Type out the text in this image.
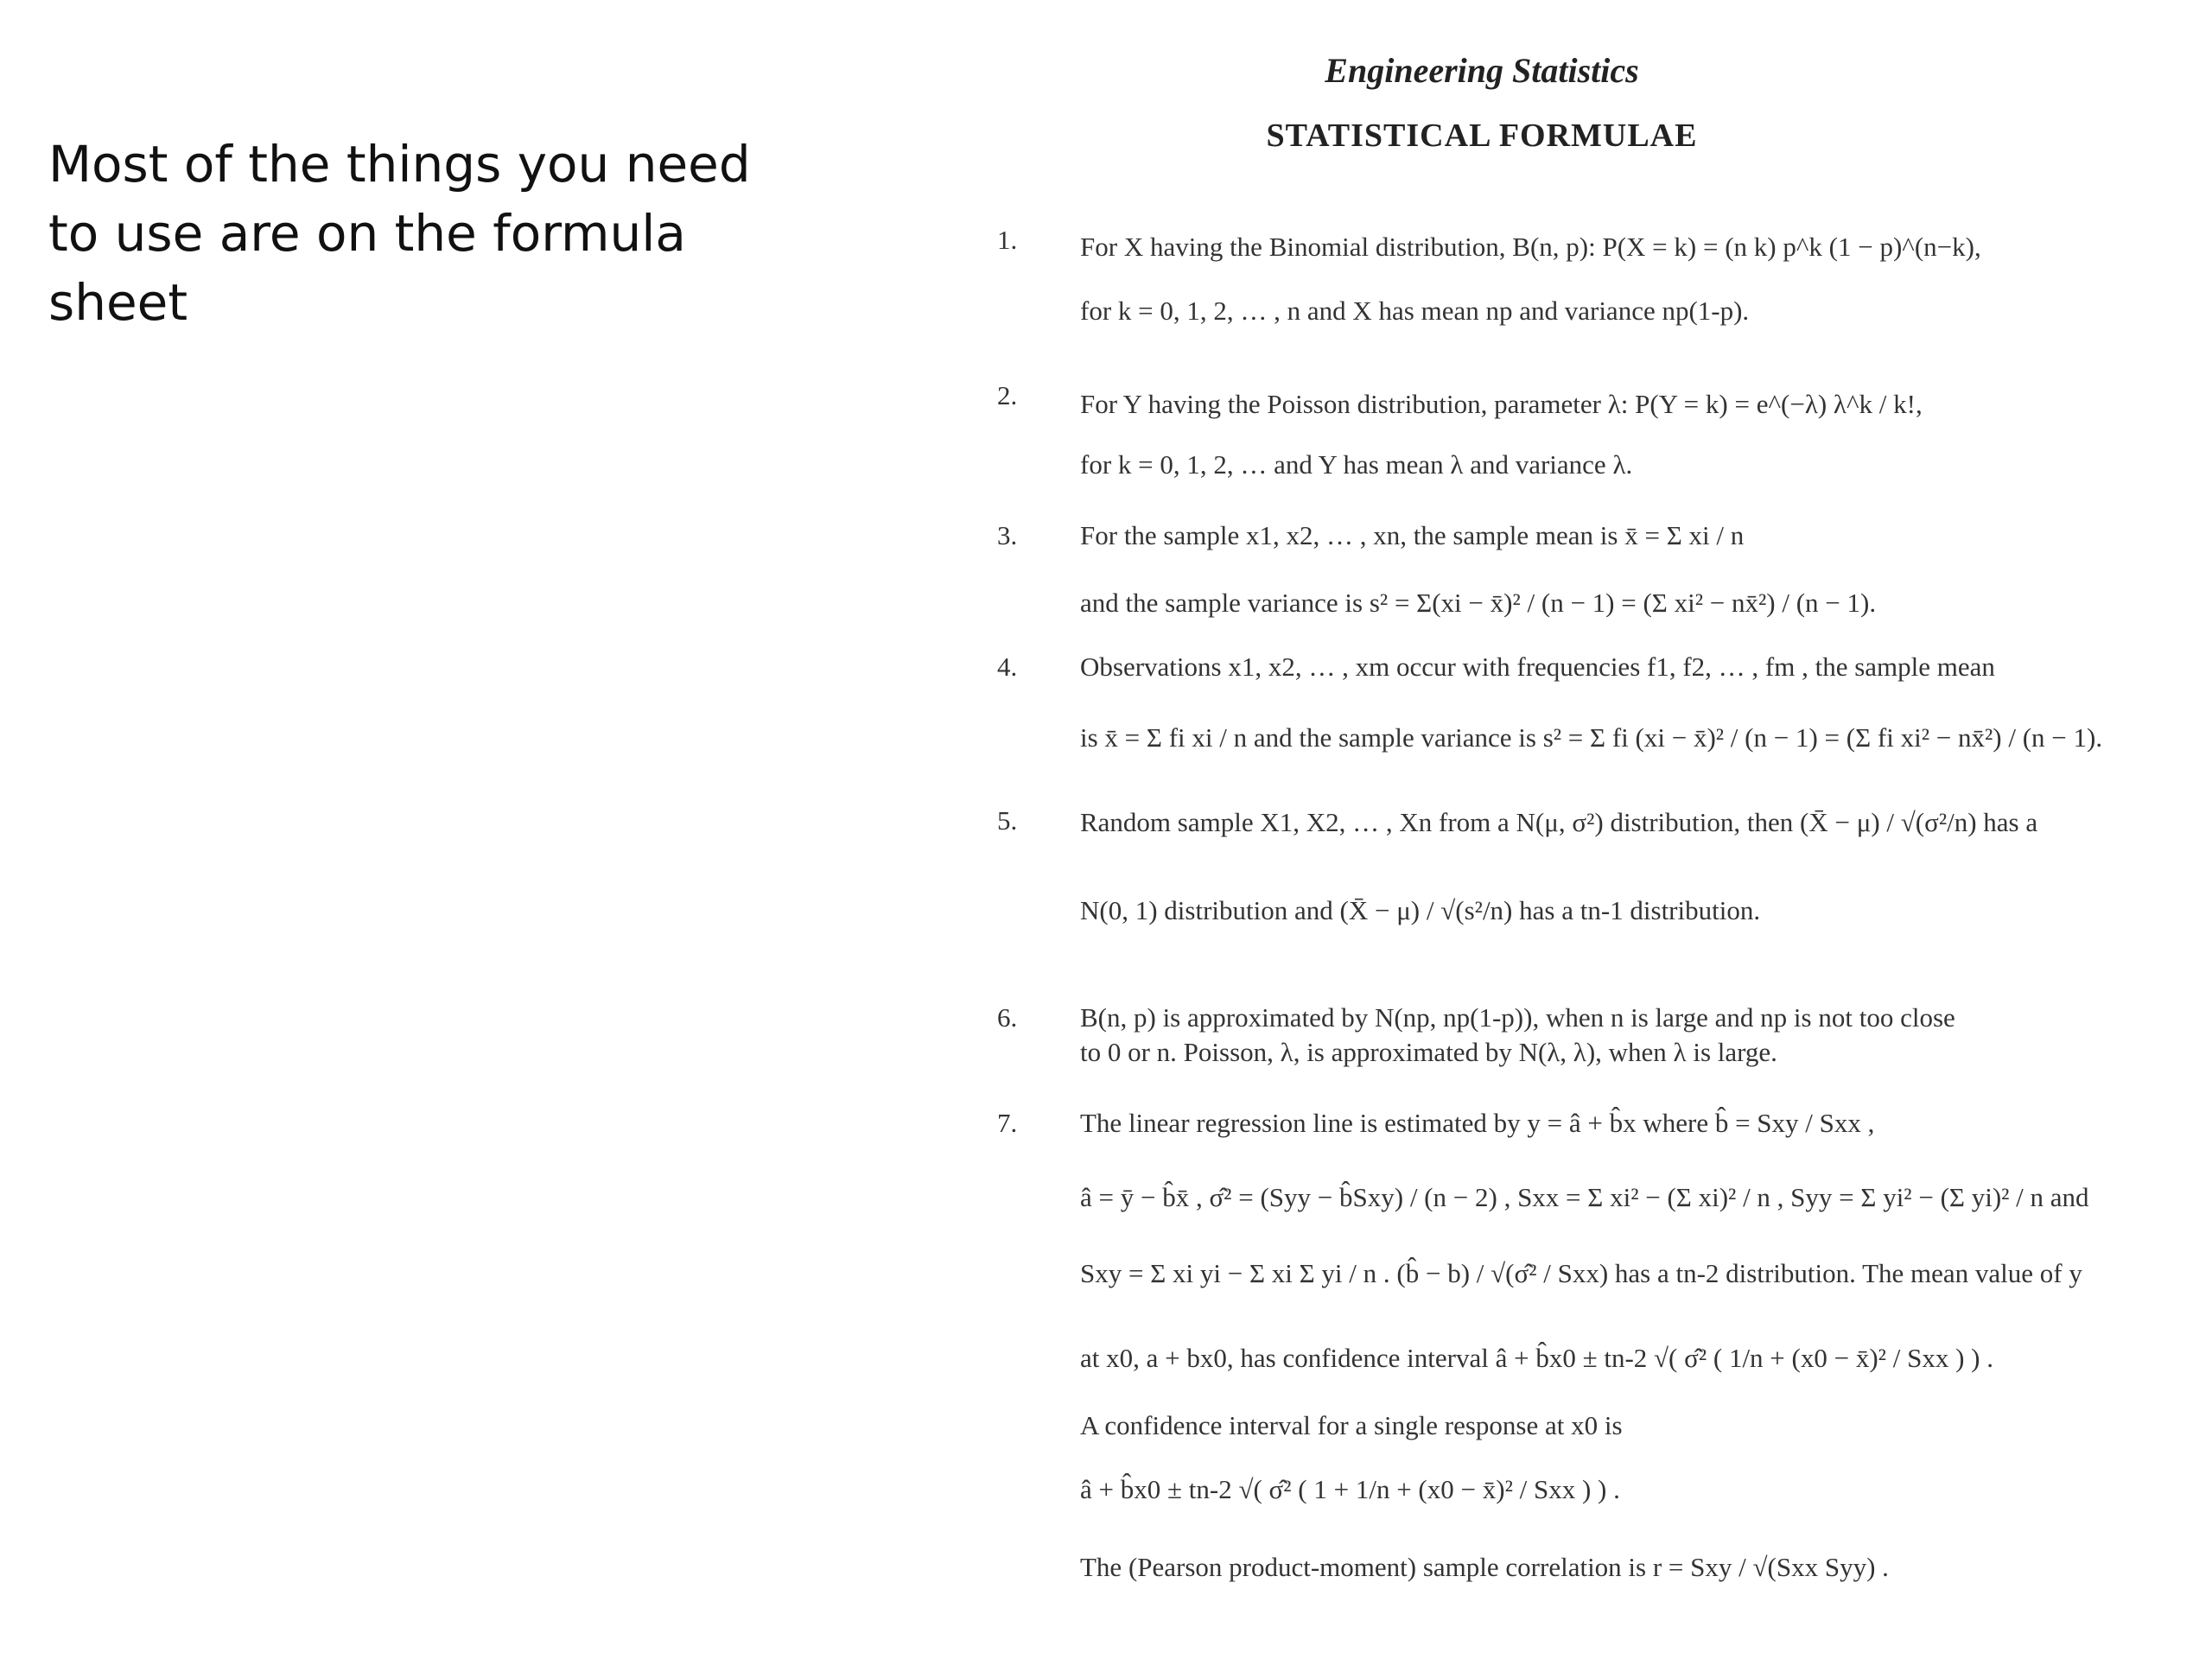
Most of the things you need to use are on the formula sheet
Engineering Statistics
STATISTICAL FORMULAE
1. For X having the Binomial distribution, B(n, p): P(X = k) = (n k) p^k (1 − p)^(n−k),
for k = 0, 1, 2, … , n and X has mean np and variance np(1-p).
2. For Y having the Poisson distribution, parameter λ: P(Y = k) = e^(−λ) λ^k / k!,
for k = 0, 1, 2, … and Y has mean λ and variance λ.
3. For the sample x1, x2, … , xn, the sample mean is x̄ = Σ xi / n
and the sample variance is s² = Σ(xi − x̄)² / (n − 1) = (Σ xi² − nx̄²) / (n − 1).
4. Observations x1, x2, … , xm occur with frequencies f1, f2, … , fm , the sample mean
is x̄ = Σ fi xi / n and the sample variance is s² = Σ fi (xi − x̄)² / (n − 1) = (Σ fi xi² − nx̄²) / (n − 1).
5. Random sample X1, X2, … , Xn from a N(μ, σ²) distribution, then (X̄ − μ) / √(σ²/n) has a
N(0, 1) distribution and (X̄ − μ) / √(s²/n) has a tn-1 distribution.
6. B(n, p) is approximated by N(np, np(1-p)), when n is large and np is not too close
to 0 or n. Poisson, λ, is approximated by N(λ, λ), when λ is large.
7. The linear regression line is estimated by y = â + b̂x where b̂ = Sxy / Sxx ,
â = ȳ − b̂x̄ , σ̂² = (Syy − b̂Sxy) / (n − 2) , Sxx = Σ xi² − (Σ xi)² / n , Syy = Σ yi² − (Σ yi)² / n and
Sxy = Σ xi yi − Σ xi Σ yi / n . (b̂ − b) / √(σ̂² / Sxx) has a tn-2 distribution. The mean value of y
at x0, a + bx0, has confidence interval â + b̂x0 ± tn-2 √( σ̂² ( 1/n + (x0 − x̄)² / Sxx ) ) .
A confidence interval for a single response at x0 is
â + b̂x0 ± tn-2 √( σ̂² ( 1 + 1/n + (x0 − x̄)² / Sxx ) ) .
The (Pearson product-moment) sample correlation is r = Sxy / √(Sxx Syy) .
